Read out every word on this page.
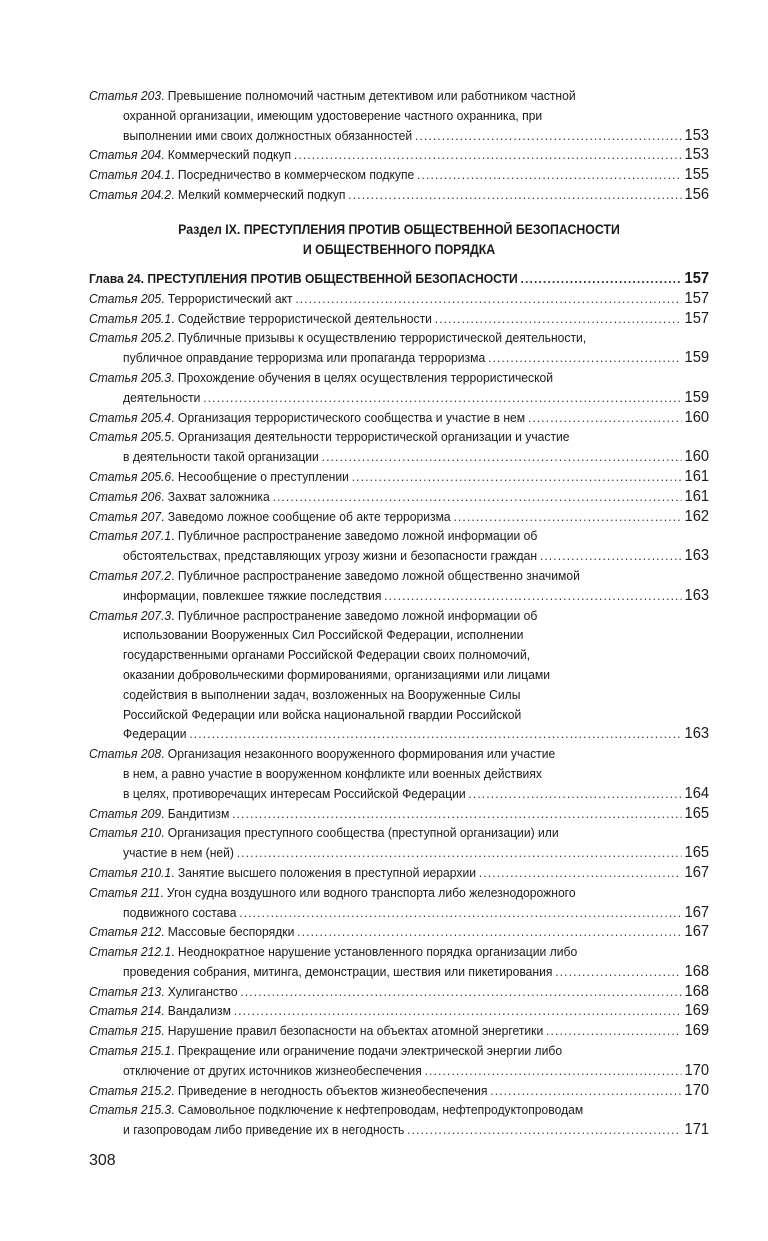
Статья 203 . Превышение полномочий частным детективом или работником частной
охранной организации, имеющим удостоверение частного охранника, при
выполнении ими своих должностных обязанностей .....	153
Статья 204 . Коммерческий подкуп .....	153
Статья 204.1 . Посредничество в коммерческом подкупе .....	155
Статья 204.2 . Мелкий коммерческий подкуп .....	156
Раздел IX. ПРЕСТУПЛЕНИЯ ПРОТИВ ОБЩЕСТВЕННОЙ БЕЗОПАСНОСТИ
И ОБЩЕСТВЕННОГО ПОРЯДКА
Глава 24. ПРЕСТУПЛЕНИЯ ПРОТИВ ОБЩЕСТВЕННОЙ БЕЗОПАСНОСТИ .....	157
Статья 205 . Террористический акт .....	157
Статья 205.1 . Содействие террористической деятельности .....	157
Статья 205.2 . Публичные призывы к осуществлению террористической деятельности,
публичное оправдание терроризма или пропаганда терроризма .....	159
Статья 205.3 . Прохождение обучения в целях осуществления террористической
деятельности .....	159
Статья 205.4 . Организация террористического сообщества и участие в нем .....	160
Статья 205.5 . Организация деятельности террористической организации и участие
в деятельности такой организации .....	160
Статья 205.6 . Несообщение о преступлении .....	161
Статья 206 . Захват заложника .....	161
Статья 207 . Заведомо ложное сообщение об акте терроризма .....	162
Статья 207.1 . Публичное распространение заведомо ложной информации об
обстоятельствах, представляющих угрозу жизни и безопасности граждан .....	163
Статья 207.2 . Публичное распространение заведомо ложной общественно значимой
информации, повлекшее тяжкие последствия .....	163
Статья 207.3 . Публичное распространение заведомо ложной информации об
использовании Вооруженных Сил Российской Федерации, исполнении
государственными органами Российской Федерации своих полномочий,
оказании добровольческими формированиями, организациями или лицами
содействия в выполнении задач, возложенных на Вооруженные Силы
Российской Федерации или войска национальной гвардии Российской
Федерации .....	163
Статья 208 . Организация незаконного вооруженного формирования или участие
в нем, а равно участие в вооруженном конфликте или военных действиях
в целях, противоречащих интересам Российской Федерации .....	164
Статья 209 . Бандитизм .....	165
Статья 210 . Организация преступного сообщества (преступной организации) или
участие в нем (ней) .....	165
Статья 210.1 . Занятие высшего положения в преступной иерархии .....	167
Статья 211 . Угон судна воздушного или водного транспорта либо железнодорожного
подвижного состава .....	167
Статья 212 . Массовые беспорядки .....	167
Статья 212.1 . Неоднократное нарушение установленного порядка организации либо
проведения собрания, митинга, демонстрации, шествия или пикетирования .....	168
Статья 213 . Хулиганство .....	168
Статья 214 . Вандализм .....	169
Статья 215 . Нарушение правил безопасности на объектах атомной энергетики .....	169
Статья 215.1 . Прекращение или ограничение подачи электрической энергии либо
отключение от других источников жизнеобеспечения .....	170
Статья 215.2 . Приведение в негодность объектов жизнеобеспечения .....	170
Статья 215.3 . Самовольное подключение к нефтепроводам, нефтепродуктопроводам
и газопроводам либо приведение их в негодность .....	171
308
